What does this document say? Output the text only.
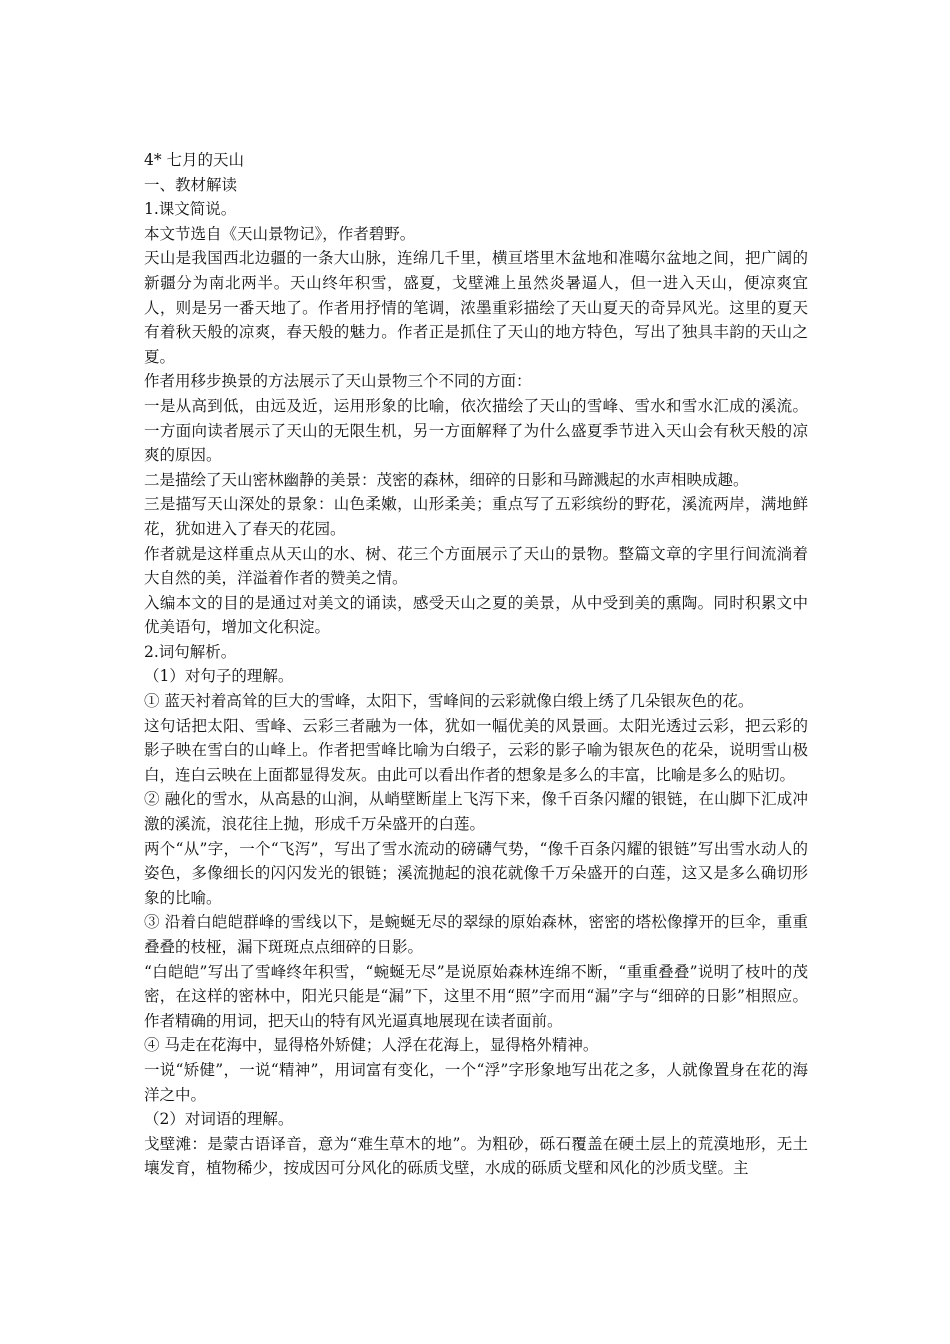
4* 七月的天山

一、教材解读

1.课文简说。

本文节选自《天山景物记》，作者碧野。

天山是我国西北边疆的一条大山脉，连绵几千里，横亘塔里木盆地和准噶尔盆地之间，把广阔的新疆分为南北两半。天山终年积雪，盛夏，戈壁滩上虽然炎暑逼人，但一进入天山，便凉爽宜人，则是另一番天地了。作者用抒情的笔调，浓墨重彩描绘了天山夏天的奇异风光。这里的夏天有着秋天般的凉爽，春天般的魅力。作者正是抓住了天山的地方特色，写出了独具丰韵的天山之夏。

作者用移步换景的方法展示了天山景物三个不同的方面：

一是从高到低，由远及近，运用形象的比喻，依次描绘了天山的雪峰、雪水和雪水汇成的溪流。一方面向读者展示了天山的无限生机，另一方面解释了为什么盛夏季节进入天山会有秋天般的凉爽的原因。

二是描绘了天山密林幽静的美景：茂密的森林，细碎的日影和马蹄溅起的水声相映成趣。

三是描写天山深处的景象：山色柔嫩，山形柔美；重点写了五彩缤纷的野花，溪流两岸，满地鲜花，犹如进入了春天的花园。

作者就是这样重点从天山的水、树、花三个方面展示了天山的景物。整篇文章的字里行间流淌着大自然的美，洋溢着作者的赞美之情。

入编本文的目的是通过对美文的诵读，感受天山之夏的美景，从中受到美的熏陶。同时积累文中优美语句，增加文化积淀。

2.词句解析。

（1）对句子的理解。

① 蓝天衬着高耸的巨大的雪峰，太阳下，雪峰间的云彩就像白缎上绣了几朵银灰色的花。

这句话把太阳、雪峰、云彩三者融为一体，犹如一幅优美的风景画。太阳光透过云彩，把云彩的影子映在雪白的山峰上。作者把雪峰比喻为白缎子，云彩的影子喻为银灰色的花朵，说明雪山极白，连白云映在上面都显得发灰。由此可以看出作者的想象是多么的丰富，比喻是多么的贴切。

② 融化的雪水，从高悬的山涧，从峭壁断崖上飞泻下来，像千百条闪耀的银链，在山脚下汇成冲激的溪流，浪花往上抛，形成千万朵盛开的白莲。

两个“从”字，一个“飞泻”，写出了雪水流动的磅礴气势，“像千百条闪耀的银链”写出雪水动人的姿色，多像细长的闪闪发光的银链；溪流抛起的浪花就像千万朵盛开的白莲，这又是多么确切形象的比喻。

③ 沿着白皑皑群峰的雪线以下，是蜿蜒无尽的翠绿的原始森林，密密的塔松像撑开的巨伞，重重叠叠的枝桠，漏下斑斑点点细碎的日影。

“白皑皑”写出了雪峰终年积雪，“蜿蜒无尽”是说原始森林连绵不断，“重重叠叠”说明了枝叶的茂密，在这样的密林中，阳光只能是“漏”下，这里不用“照”字而用“漏”字与“细碎的日影”相照应。作者精确的用词，把天山的特有风光逼真地展现在读者面前。

④ 马走在花海中，显得格外矫健；人浮在花海上，显得格外精神。

一说“矫健”，一说“精神”，用词富有变化，一个“浮”字形象地写出花之多，人就像置身在花的海洋之中。

（2）对词语的理解。

戈壁滩：是蒙古语译音，意为“难生草木的地”。为粗砂，砾石覆盖在硬土层上的荒漠地形，无土壤发育，植物稀少，按成因可分风化的砾质戈壁，水成的砾质戈壁和风化的沙质戈壁。主
